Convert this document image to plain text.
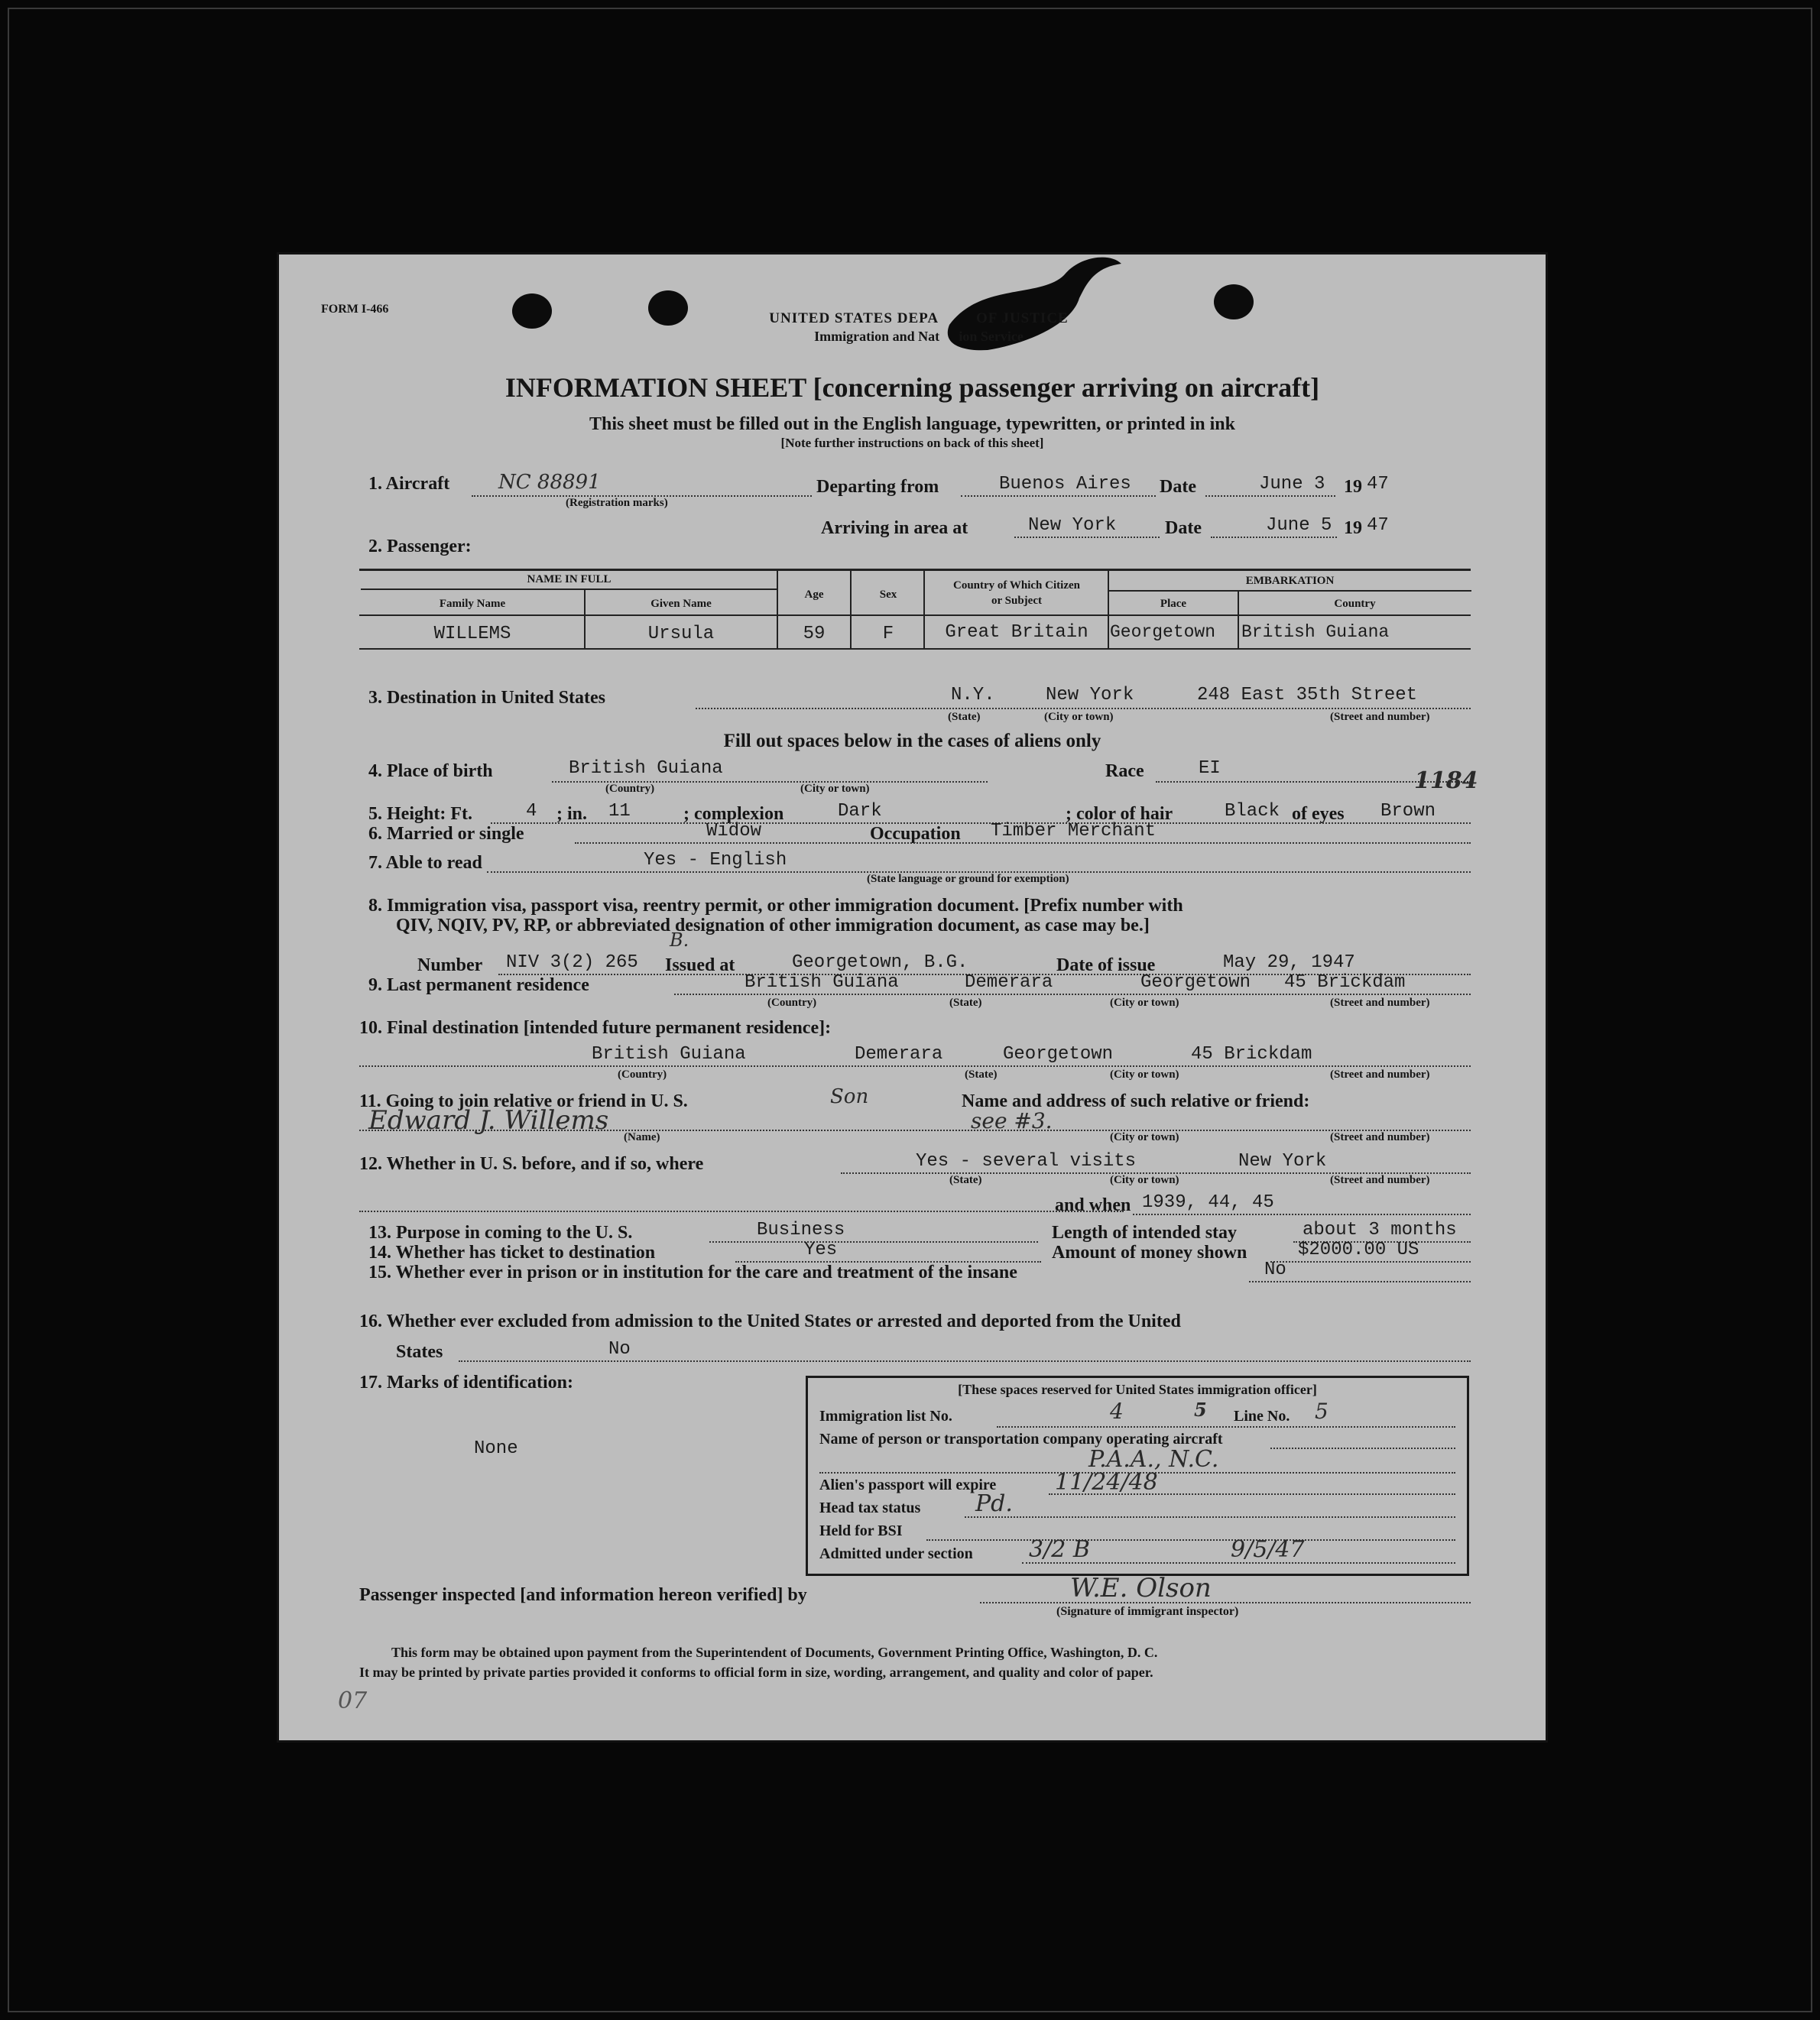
FORM I-466
UNITED STATES DEPA          OF JUSTICE
Immigration and Nat       ion Service
INFORMATION SHEET [concerning passenger arriving on aircraft]
This sheet must be filled out in the English language, typewritten, or printed in ink
[Note further instructions on back of this sheet]
1. Aircraft NC 88891
(Registration marks)
Departing from	Buenos Aires Date	June 3 19 47
Arriving in area at	New York	Date	June 5 19 47
2. Passenger:
NAME IN FULL
Family Name	Given Name
Age	Sex
Country of Which Citizen
or Subject
EMBARKATION
Place	Country
WILLEMS	Ursula	59	F	Great Britain	Georgetown British Guiana
3. Destination in United States	N.Y.	New York	248 East 35th Street
(State)	(City or town)	(Street and number)
Fill out spaces below in the cases of aliens only
4. Place of birth	British Guiana
(Country)	(City or town)
Race	EI	1184
5. Height: Ft.	4 ; in. 11	; complexion	Dark	; color of hair	Black of eyes Brown
6. Married or single	Widow	Occupation Timber Merchant
7. Able to read	Yes - English
(State language or ground for exemption)
8. Immigration visa, passport visa, reentry permit, or other immigration document. [Prefix number with
QIV, NQIV, PV, RP, or abbreviated designation of other immigration document, as case may be.]
Number NIV 3(2) 265
B.
Issued at	Georgetown, B.G.	Date of issue	May 29, 1947
9. Last permanent residence	British Guiana	Demerara	Georgetown 45 Brickdam
(Country)	(State)	(City or town)	(Street and number)
10. Final destination [intended future permanent residence]:
British Guiana	Demerara	Georgetown	45 Brickdam
(Country)	(State)	(City or town)	(Street and number)
11. Going to join relative or friend in U. S.	Son	Name and address of such relative or friend:
Edward J. Willems	see #3.
(Name)	(City or town)	(Street and number)
12. Whether in U. S. before, and if so, where	Yes - several visits	New York
(State)	(City or town)	(Street and number)
and when 1939, 44, 45
13. Purpose in coming to the U. S.	Business	Length of intended stay	about 3 months
14. Whether has ticket to destination	Yes	Amount of money shown	$2000.00 US
15. Whether ever in prison or in institution for the care and treatment of the insane	No
16. Whether ever excluded from admission to the United States or arrested and deported from the United
States	No
17. Marks of identification:
None
[These spaces reserved for United States immigration officer]
Immigration list No.	4	5 Line No. 5
Name of person or transportation company operating aircraft
P.A.A., N.C.
Alien's passport will expire	11/24/48
Head tax status Pd.
Held for BSI
Admitted under section 3/2 B	9/5/47
Passenger inspected [and information hereon verified] by	W.E. Olson
(Signature of immigrant inspector)
This form may be obtained upon payment from the Superintendent of Documents, Government Printing Office, Washington, D. C.
It may be printed by private parties provided it conforms to official form in size, wording, arrangement, and quality and color of paper.
07
